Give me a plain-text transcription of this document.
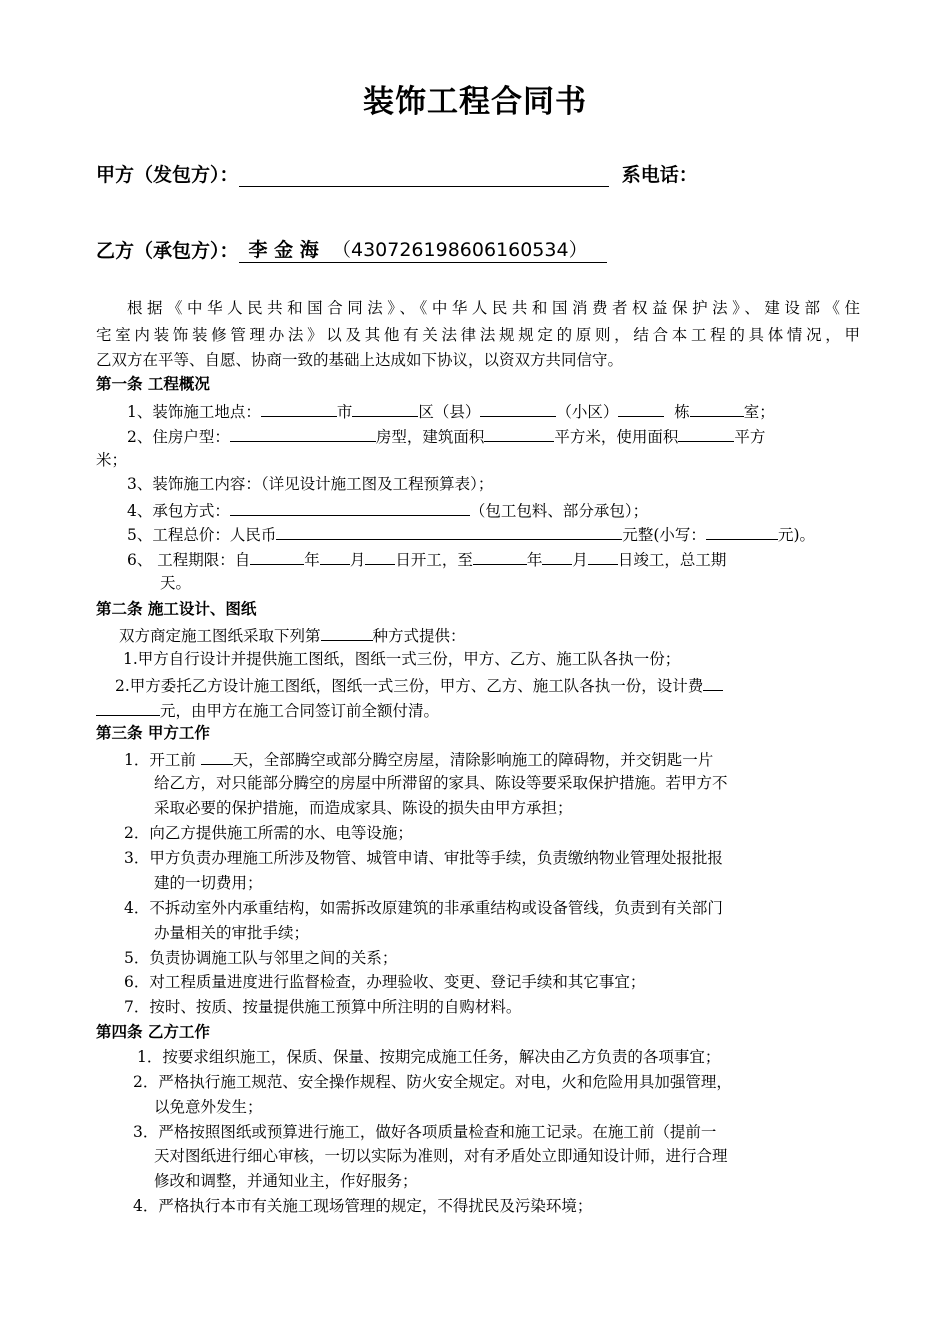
装饰工程合同书
甲方（发包方）：	系电话：
乙方（承包方）： 李 金 海 （430726198606160534）
根据《中华人民共和国合同法》、《中华人民共和国消费者权益保护法》、建设部《住
宅室内装饰装修管理办法》以及其他有关法律法规规定的原则，结合本工程的具体情况，甲
乙双方在平等、自愿、协商一致的基础上达成如下协议，以资双方共同信守。
第一条 工程概况
1、装饰施工地点：	市	区（县）	（小区）	栋	室；
2、住房户型：	房型，建筑面积	平方米，使用面积	平方
米；
3、装饰施工内容：（详见设计施工图及工程预算表）；
4、承包方式：	（包工包料、部分承包）；
5、工程总价：人民币	元整(小写：	元)。
6、 工程期限：自	年 月 日开工，至	年 月 日竣工，总工期
天。
第二条 施工设计、图纸
双方商定施工图纸采取下列第	种方式提供：
1.甲方自行设计并提供施工图纸，图纸一式三份，甲方、乙方、施工队各执一份；
2.甲方委托乙方设计施工图纸，图纸一式三份，甲方、乙方、施工队各执一份，设计费
元，由甲方在施工合同签订前全额付清。
第三条 甲方工作
1．开工前 天，全部腾空或部分腾空房屋，清除影响施工的障碍物，并交钥匙一片
给乙方，对只能部分腾空的房屋中所滞留的家具、陈设等要采取保护措施。若甲方不
采取必要的保护措施，而造成家具、陈设的损失由甲方承担；
2．向乙方提供施工所需的水、电等设施；
3．甲方负责办理施工所涉及物管、城管申请、审批等手续，负责缴纳物业管理处报批报
建的一切费用；
4．不拆动室外内承重结构，如需拆改原建筑的非承重结构或设备管线，负责到有关部门
办量相关的审批手续；
5．负责协调施工队与邻里之间的关系；
6．对工程质量进度进行监督检查，办理验收、变更、登记手续和其它事宜；
7．按时、按质、按量提供施工预算中所注明的自购材料。
第四条 乙方工作
1．按要求组织施工，保质、保量、按期完成施工任务，解决由乙方负责的各项事宜；
2．严格执行施工规范、安全操作规程、防火安全规定。对电，火和危险用具加强管理，
以免意外发生；
3．严格按照图纸或预算进行施工，做好各项质量检查和施工记录。在施工前（提前一
天对图纸进行细心审核，一切以实际为准则，对有矛盾处立即通知设计师，进行合理
修改和调整，并通知业主，作好服务；
4．严格执行本市有关施工现场管理的规定，不得扰民及污染环境；
